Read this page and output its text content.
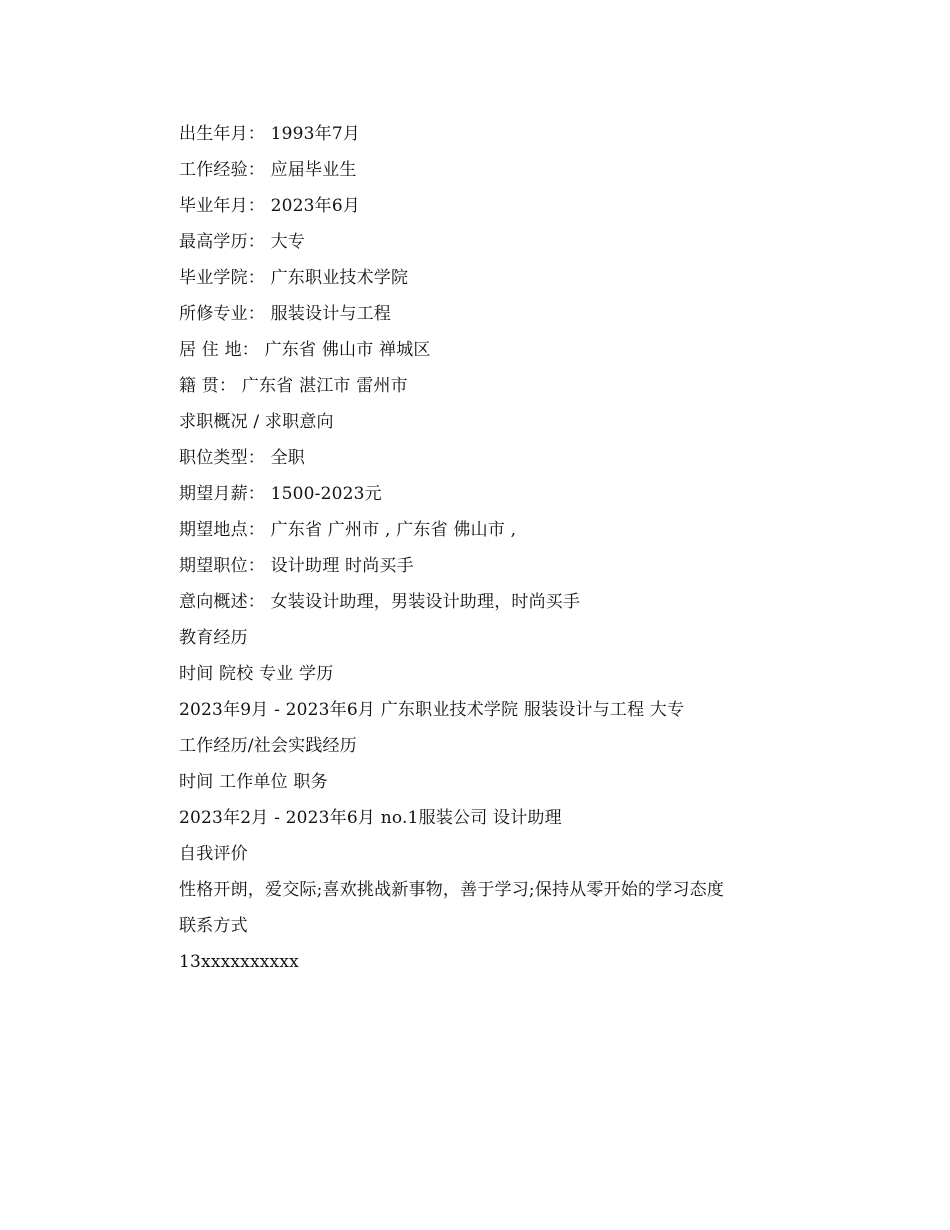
出生年月： 1993年7月
工作经验： 应届毕业生
毕业年月： 2023年6月
最高学历： 大专
毕业学院： 广东职业技术学院
所修专业： 服装设计与工程
居 住 地： 广东省 佛山市 禅城区
籍 贯： 广东省 湛江市 雷州市
求职概况 / 求职意向
职位类型： 全职
期望月薪： 1500-2023元
期望地点： 广东省 广州市 , 广东省 佛山市 ,
期望职位： 设计助理 时尚买手
意向概述： 女装设计助理，男装设计助理，时尚买手
教育经历
时间 院校 专业 学历
2023年9月 - 2023年6月 广东职业技术学院 服装设计与工程 大专
工作经历/社会实践经历
时间 工作单位 职务
2023年2月 - 2023年6月 no.1服装公司 设计助理
自我评价
性格开朗，爱交际;喜欢挑战新事物，善于学习;保持从零开始的学习态度
联系方式
13xxxxxxxxxx
